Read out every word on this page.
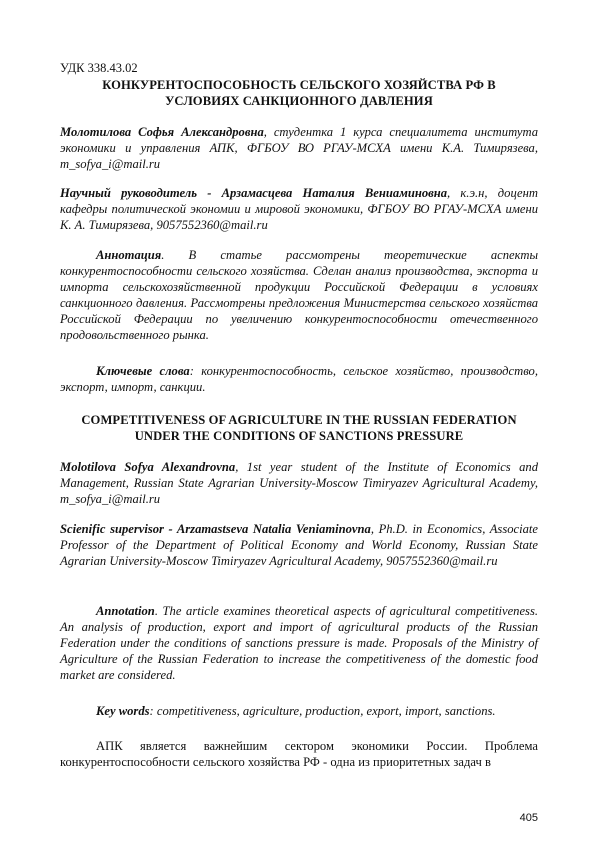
УДК 338.43.02
КОНКУРЕНТОСПОСОБНОСТЬ СЕЛЬСКОГО ХОЗЯЙСТВА РФ В
УСЛОВИЯХ САНКЦИОННОГО ДАВЛЕНИЯ
Молотилова Софья Александровна, студентка 1 курса специалитета института экономики и управления АПК, ФГБОУ ВО РГАУ-МСХА имени К.А. Тимирязева, m_sofya_i@mail.ru
Научный руководитель - Арзамасцева Наталия Вениаминовна, к.э.н, доцент кафедры политической экономии и мировой экономики, ФГБОУ ВО РГАУ-МСХА имени К. А. Тимирязева, 9057552360@mail.ru
Аннотация. В статье рассмотрены теоретические аспекты конкурентоспособности сельского хозяйства. Сделан анализ производства, экспорта и импорта сельскохозяйственной продукции Российской Федерации в условиях санкционного давления. Рассмотрены предложения Министерства сельского хозяйства Российской Федерации по увеличению конкурентоспособности отечественного продовольственного рынка.
Ключевые слова: конкурентоспособность, сельское хозяйство, производство, экспорт, импорт, санкции.
COMPETITIVENESS OF AGRICULTURE IN THE RUSSIAN FEDERATION
UNDER THE CONDITIONS OF SANCTIONS PRESSURE
Molotilova Sofya Alexandrovna, 1st year student of the Institute of Economics and Management, Russian State Agrarian University-Moscow Timiryazev Agricultural Academy, m_sofya_i@mail.ru
Scienific supervisor - Arzamastseva Natalia Veniaminovna, Ph.D. in Economics, Associate Professor of the Department of Political Economy and World Economy, Russian State Agrarian University-Moscow Timiryazev Agricultural Academy, 9057552360@mail.ru
Annotation. The article examines theoretical aspects of agricultural competitiveness. An analysis of production, export and import of agricultural products of the Russian Federation under the conditions of sanctions pressure is made. Proposals of the Ministry of Agriculture of the Russian Federation to increase the competitiveness of the domestic food market are considered.
Key words: competitiveness, agriculture, production, export, import, sanctions.
АПК является важнейшим сектором экономики России. Проблема конкурентоспособности сельского хозяйства РФ - одна из приоритетных задач в
405
